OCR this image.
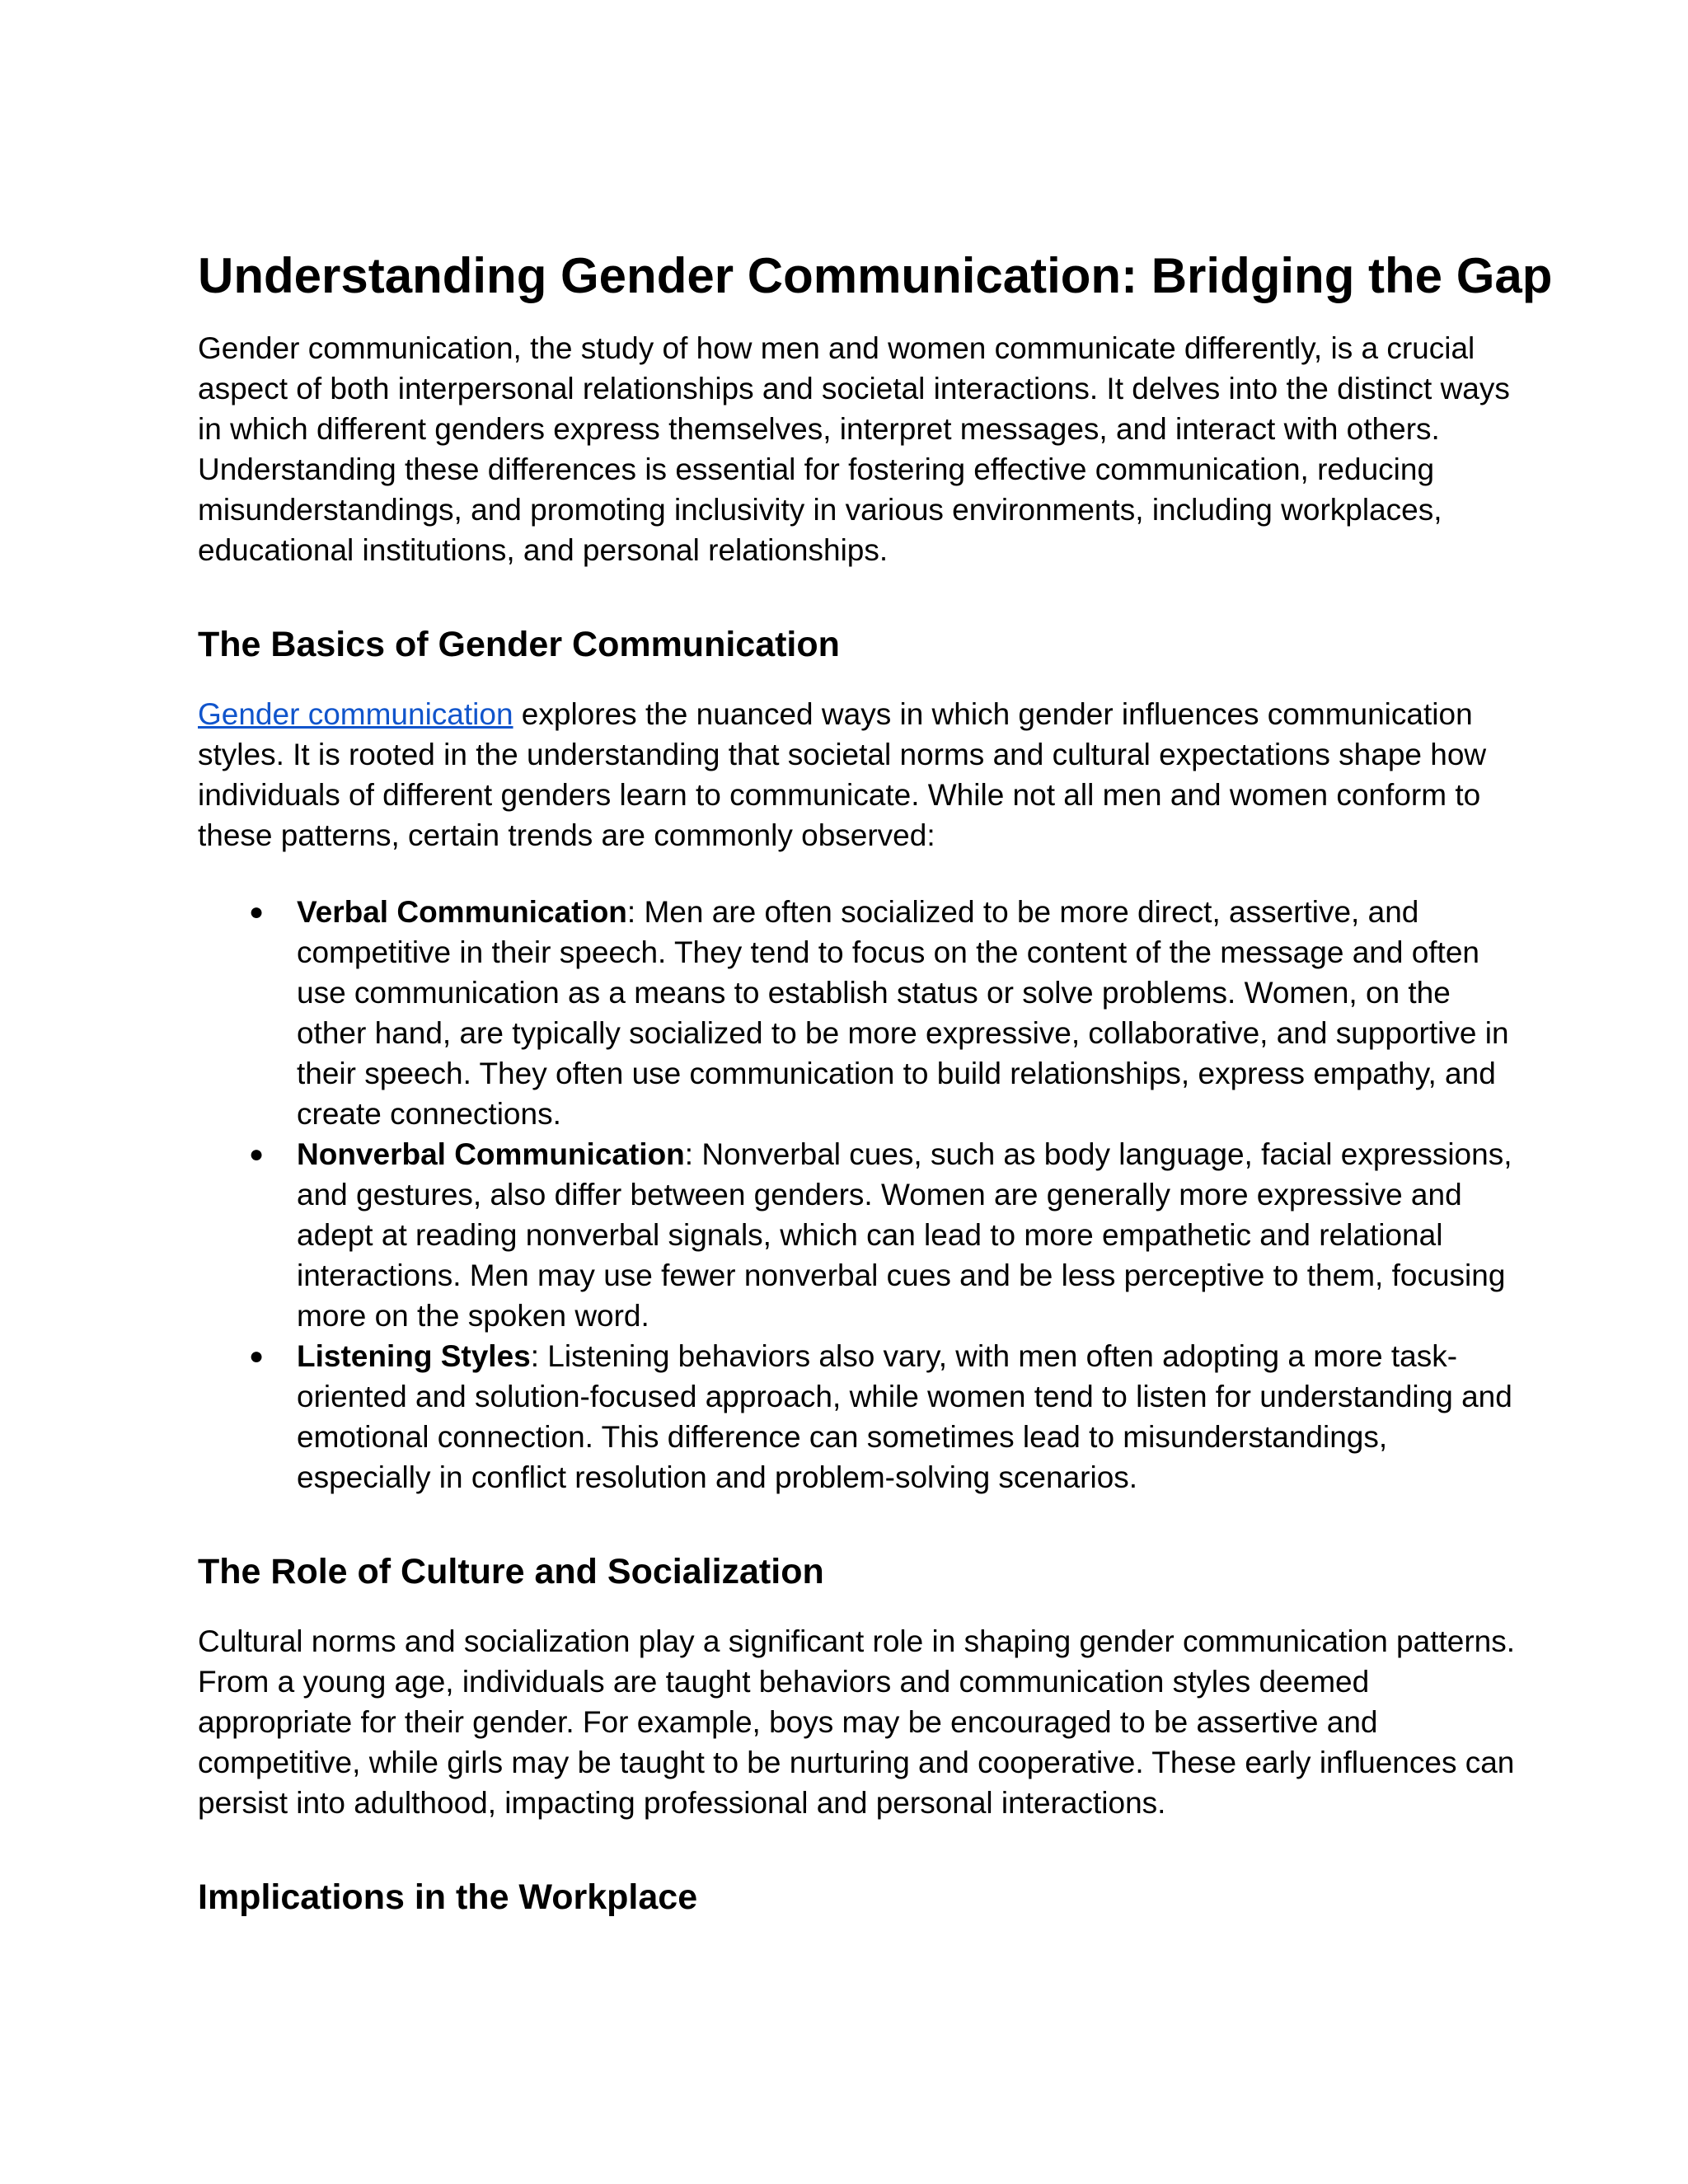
Understanding Gender Communication: Bridging the Gap

Gender communication, the study of how men and women communicate differently, is a crucial aspect of both interpersonal relationships and societal interactions. It delves into the distinct ways in which different genders express themselves, interpret messages, and interact with others. Understanding these differences is essential for fostering effective communication, reducing misunderstandings, and promoting inclusivity in various environments, including workplaces, educational institutions, and personal relationships.

The Basics of Gender Communication

Gender communication explores the nuanced ways in which gender influences communication styles. It is rooted in the understanding that societal norms and cultural expectations shape how individuals of different genders learn to communicate. While not all men and women conform to these patterns, certain trends are commonly observed:

● Verbal Communication: Men are often socialized to be more direct, assertive, and competitive in their speech. They tend to focus on the content of the message and often use communication as a means to establish status or solve problems. Women, on the other hand, are typically socialized to be more expressive, collaborative, and supportive in their speech. They often use communication to build relationships, express empathy, and create connections.
● Nonverbal Communication: Nonverbal cues, such as body language, facial expressions, and gestures, also differ between genders. Women are generally more expressive and adept at reading nonverbal signals, which can lead to more empathetic and relational interactions. Men may use fewer nonverbal cues and be less perceptive to them, focusing more on the spoken word.
● Listening Styles: Listening behaviors also vary, with men often adopting a more task-oriented and solution-focused approach, while women tend to listen for understanding and emotional connection. This difference can sometimes lead to misunderstandings, especially in conflict resolution and problem-solving scenarios.
The Role of Culture and Socialization

Cultural norms and socialization play a significant role in shaping gender communication patterns. From a young age, individuals are taught behaviors and communication styles deemed appropriate for their gender. For example, boys may be encouraged to be assertive and competitive, while girls may be taught to be nurturing and cooperative. These early influences can persist into adulthood, impacting professional and personal interactions.

Implications in the Workplace
